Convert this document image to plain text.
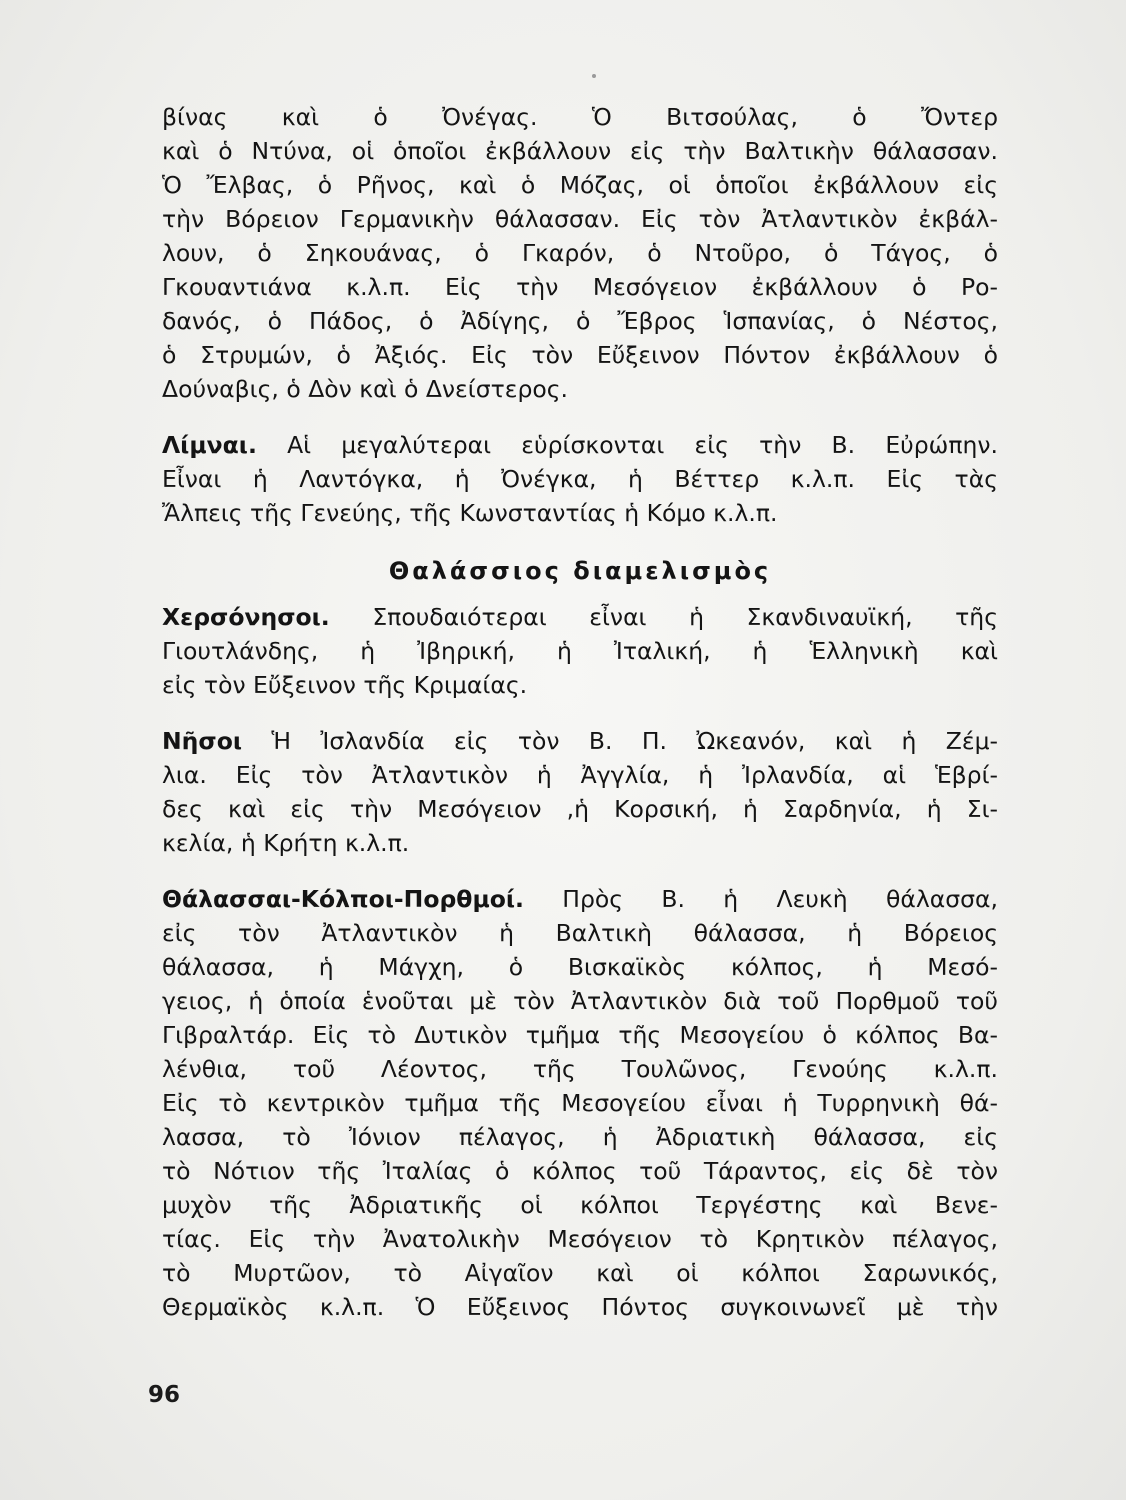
βίνας καὶ ὁ Ὀνέγας. Ὁ Βιτσούλας, ὁ Ὄντερ
καὶ ὁ Ντύνα, οἱ ὁποῖοι ἐκβάλλουν εἰς τὴν Βαλτικὴν θάλασσαν.
Ὁ Ἔλβας, ὁ Ρῆνος, καὶ ὁ Μόζας, οἱ ὁποῖοι ἐκβάλλουν εἰς
τὴν Βόρειον Γερμανικὴν θάλασσαν. Εἰς τὸν Ἀτλαντικὸν ἐκβάλ-
λουν, ὁ Σηκουάνας, ὁ Γκαρόν, ὁ Ντοῦρο, ὁ Τάγος, ὁ
Γκουαντιάνα κ.λ.π. Εἰς τὴν Μεσόγειον ἐκβάλλουν ὁ Ρο-
δανός, ὁ Πάδος, ὁ Ἀδίγης, ὁ Ἔβρος Ἱσπανίας, ὁ Νέστος,
ὁ Στρυμών, ὁ Ἀξιός. Εἰς τὸν Εὔξεινον Πόντον ἐκβάλλουν ὁ
Δούναβις, ὁ Δὸν καὶ ὁ Δνείστερος.
Λίμναι. Αἱ μεγαλύτεραι εὑρίσκονται εἰς τὴν Β. Εὐρώπην.
Εἶναι ἡ Λαντόγκα, ἡ Ὀνέγκα, ἡ Βέττερ κ.λ.π. Εἰς τὰς
Ἄλπεις τῆς Γενεύης, τῆς Κωνσταντίας ἡ Κόμο κ.λ.π.
Θαλάσσιος διαμελισμὸς
Χερσόνησοι. Σπουδαιότεραι εἶναι ἡ Σκανδιναυϊκή, τῆς
Γιουτλάνδης, ἡ Ἰβηρική, ἡ Ἰταλική, ἡ Ἑλληνικὴ καὶ
εἰς τὸν Εὔξεινον τῆς Κριμαίας.
Νῆσοι Ἡ Ἰσλανδία εἰς τὸν Β. Π. Ὠκεανόν, καὶ ἡ Ζέμ-
λια. Εἰς τὸν Ἀτλαντικὸν ἡ Ἀγγλία, ἡ Ἰρλανδία, αἱ Ἑβρί-
δες καὶ εἰς τὴν Μεσόγειον ,ἡ Κορσική, ἡ Σαρδηνία, ἡ Σι-
κελία, ἡ Κρήτη κ.λ.π.
Θάλασσαι-Κόλποι-Πορθμοί. Πρὸς Β. ἡ Λευκὴ θάλασσα,
εἰς τὸν Ἀτλαντικὸν ἡ Βαλτικὴ θάλασσα, ἡ Βόρειος
θάλασσα, ἡ Μάγχη, ὁ Βισκαϊκὸς κόλπος, ἡ Μεσό-
γειος, ἡ ὁποία ἑνοῦται μὲ τὸν Ἀτλαντικὸν διὰ τοῦ Πορθμοῦ τοῦ
Γιβραλτάρ. Εἰς τὸ Δυτικὸν τμῆμα τῆς Μεσογείου ὁ κόλπος Βα-
λένθια, τοῦ Λέοντος, τῆς Τουλῶνος, Γενούης κ.λ.π.
Εἰς τὸ κεντρικὸν τμῆμα τῆς Μεσογείου εἶναι ἡ Τυρρηνικὴ θά-
λασσα, τὸ Ἰόνιον πέλαγος, ἡ Ἀδριατικὴ θάλασσα, εἰς
τὸ Νότιον τῆς Ἰταλίας ὁ κόλπος τοῦ Τάραντος, εἰς δὲ τὸν
μυχὸν τῆς Ἀδριατικῆς οἱ κόλποι Τεργέστης καὶ Βενε-
τίας. Εἰς τὴν Ἀνατολικὴν Μεσόγειον τὸ Κρητικὸν πέλαγος,
τὸ Μυρτῶον, τὸ Αἰγαῖον καὶ οἱ κόλποι Σαρωνικός,
Θερμαϊκὸς κ.λ.π. Ὁ Εὔξεινος Πόντος συγκοινωνεῖ μὲ τὴν
96
